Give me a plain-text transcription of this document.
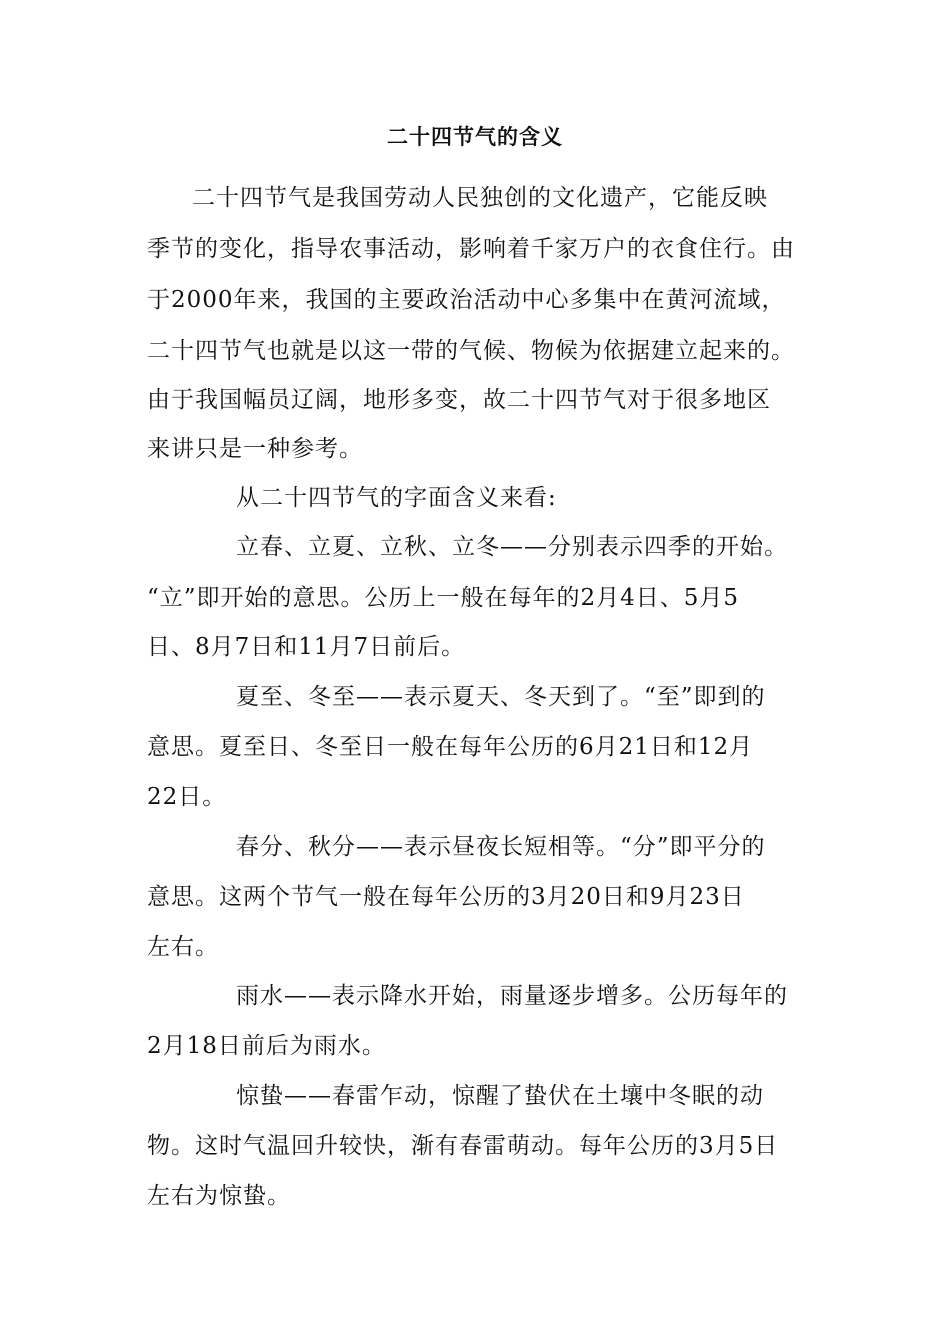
二十四节气的含义
二十四节气是我国劳动人民独创的文化遗产，它能反映
季节的变化，指导农事活动，影响着千家万户的衣食住行。由
于2000年来，我国的主要政治活动中心多集中在黄河流域，
二十四节气也就是以这一带的气候、物候为依据建立起来的。
由于我国幅员辽阔，地形多变，故二十四节气对于很多地区
来讲只是一种参考。
从二十四节气的字面含义来看:
立春、立夏、立秋、立冬——分别表示四季的开始。
“立”即开始的意思。公历上一般在每年的2月4日、5月5
日、8月7日和11月7日前后。
夏至、冬至——表示夏天、冬天到了。“至”即到的
意思。夏至日、冬至日一般在每年公历的6月21日和12月
22日。
春分、秋分——表示昼夜长短相等。“分”即平分的
意思。这两个节气一般在每年公历的3月20日和9月23日
左右。
雨水——表示降水开始，雨量逐步增多。公历每年的
2月18日前后为雨水。
惊蛰——春雷乍动，惊醒了蛰伏在土壤中冬眠的动
物。这时气温回升较快，渐有春雷萌动。每年公历的3月5日
左右为惊蛰。
